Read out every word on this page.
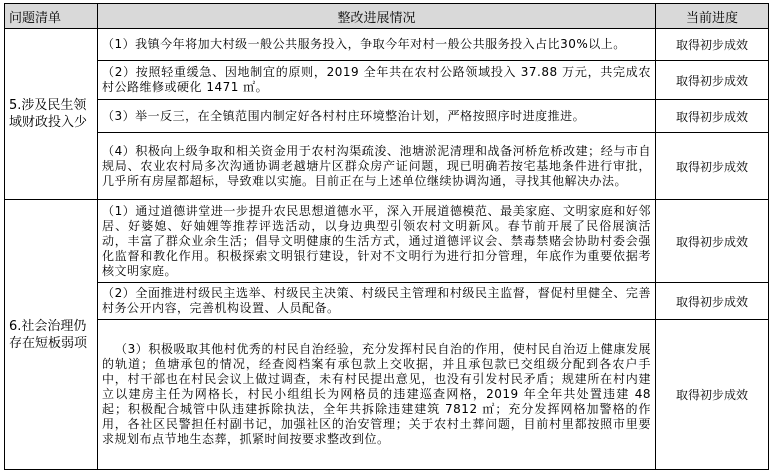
问题清单	整改进展情况	当前进度
5.涉及民生领域财政投入少	（1）我镇今年将加大村级一般公共服务投入，争取今年对村一般公共服务投入占比30%以上。	取得初步成效
	（2）按照轻重缓急、因地制宜的原则，2019 全年共在农村公路领域投入 37.88 万元，共完成农村公路维修或硬化 1471 ㎡。	取得初步成效
	（3）举一反三，在全镇范围内制定好各村村庄环境整治计划，严格按照序时进度推进。	取得初步成效
	（4）积极向上级争取和相关资金用于农村沟渠疏浚、池塘淤泥清理和战备河桥危桥改建；经与市自规局、农业农村局多次沟通协调老越塘片区群众房产证问题，现已明确若按宅基地条件进行审批，几乎所有房屋都超标，导致难以实施。目前正在与上述单位继续协调沟通，寻找其他解决办法。	取得初步成效
6.社会治理仍存在短板弱项	（1）通过道德讲堂进一步提升农民思想道德水平，深入开展道德模范、最美家庭、文明家庭和好邻居、好婆媳、好妯娌等推荐评选活动，以身边典型引领农村文明新风。春节前开展了民俗展演活动，丰富了群众业余生活；倡导文明健康的生活方式，通过道德评议会、禁毒禁赌会协助村委会强化监督和教化作用。积极探索文明银行建设，针对不文明行为进行扣分管理，年底作为重要依据考核文明家庭。	取得初步成效
	（2）全面推进村级民主选举、村级民主决策、村级民主管理和村级民主监督，督促村里健全、完善村务公开内容，完善机构设置、人员配备。	取得初步成效
	（3）积极吸取其他村优秀的村民自治经验，充分发挥村民自治的作用，使村民自治迈上健康发展的轨道；鱼塘承包的情况，经查阅档案有承包款上交收据，并且承包款已交组级分配到各农户手中，村干部也在村民会议上做过调查，未有村民提出意见，也没有引发村民矛盾；规建所在村内建立以建房主任为网格长，村民小组组长为网格员的违建巡查网格，2019 年全年共处置违建 48 起；积极配合城管中队违建拆除执法，全年共拆除违建建筑 7812 ㎡；充分发挥网格加警格的作用，各社区民警担任村副书记，加强社区的治安管理；关于农村土葬问题，目前村里都按照市里要求规划布点节地生态葬，抓紧时间按要求整改到位。	取得初步成效
